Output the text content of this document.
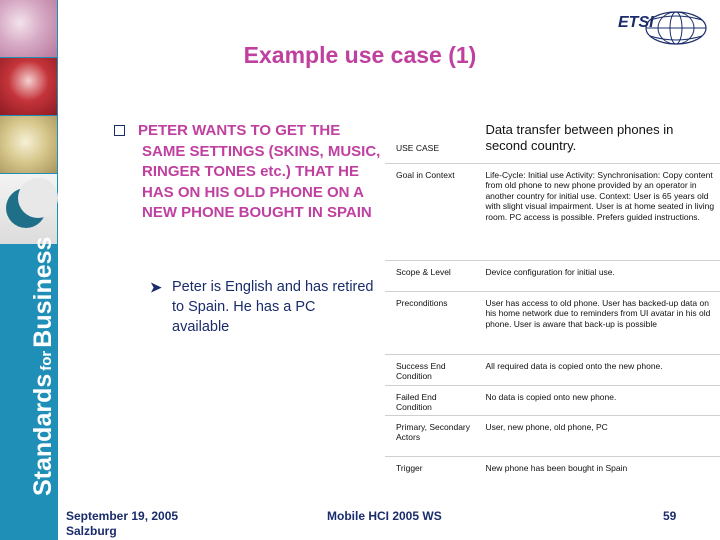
StandardsforBusiness
ETSI
Example use case (1)
PETER WANTS TO GET THE SAME SETTINGS (SKINS, MUSIC, RINGER TONES etc.) THAT HE HAS ON HIS OLD PHONE ON A NEW PHONE BOUGHT IN SPAIN
➤ Peter is English and has retired to Spain. He has a PC available
USE CASE	Data transfer between phones in second country.
Goal in Context	Life-Cycle: Initial use Activity: Synchronisation: Copy content from old phone to new phone provided by an operator in another country for initial use. Context: User is 65 years old with slight visual impairment. User is at home seated in living room. PC access is possible. Prefers guided instructions.
Scope & Level	Device configuration for initial use.
Preconditions	User has access to old phone. User has backed-up data on his home network due to reminders from UI avatar in his old phone. User is aware that back-up is possible
Success End Condition	All required data is copied onto the new phone.
Failed End Condition	No data is copied onto new phone.
Primary, Secondary Actors	User, new phone, old phone, PC
Trigger	New phone has been bought in Spain
September 19, 2005
Salzburg
Mobile HCI 2005 WS	59
